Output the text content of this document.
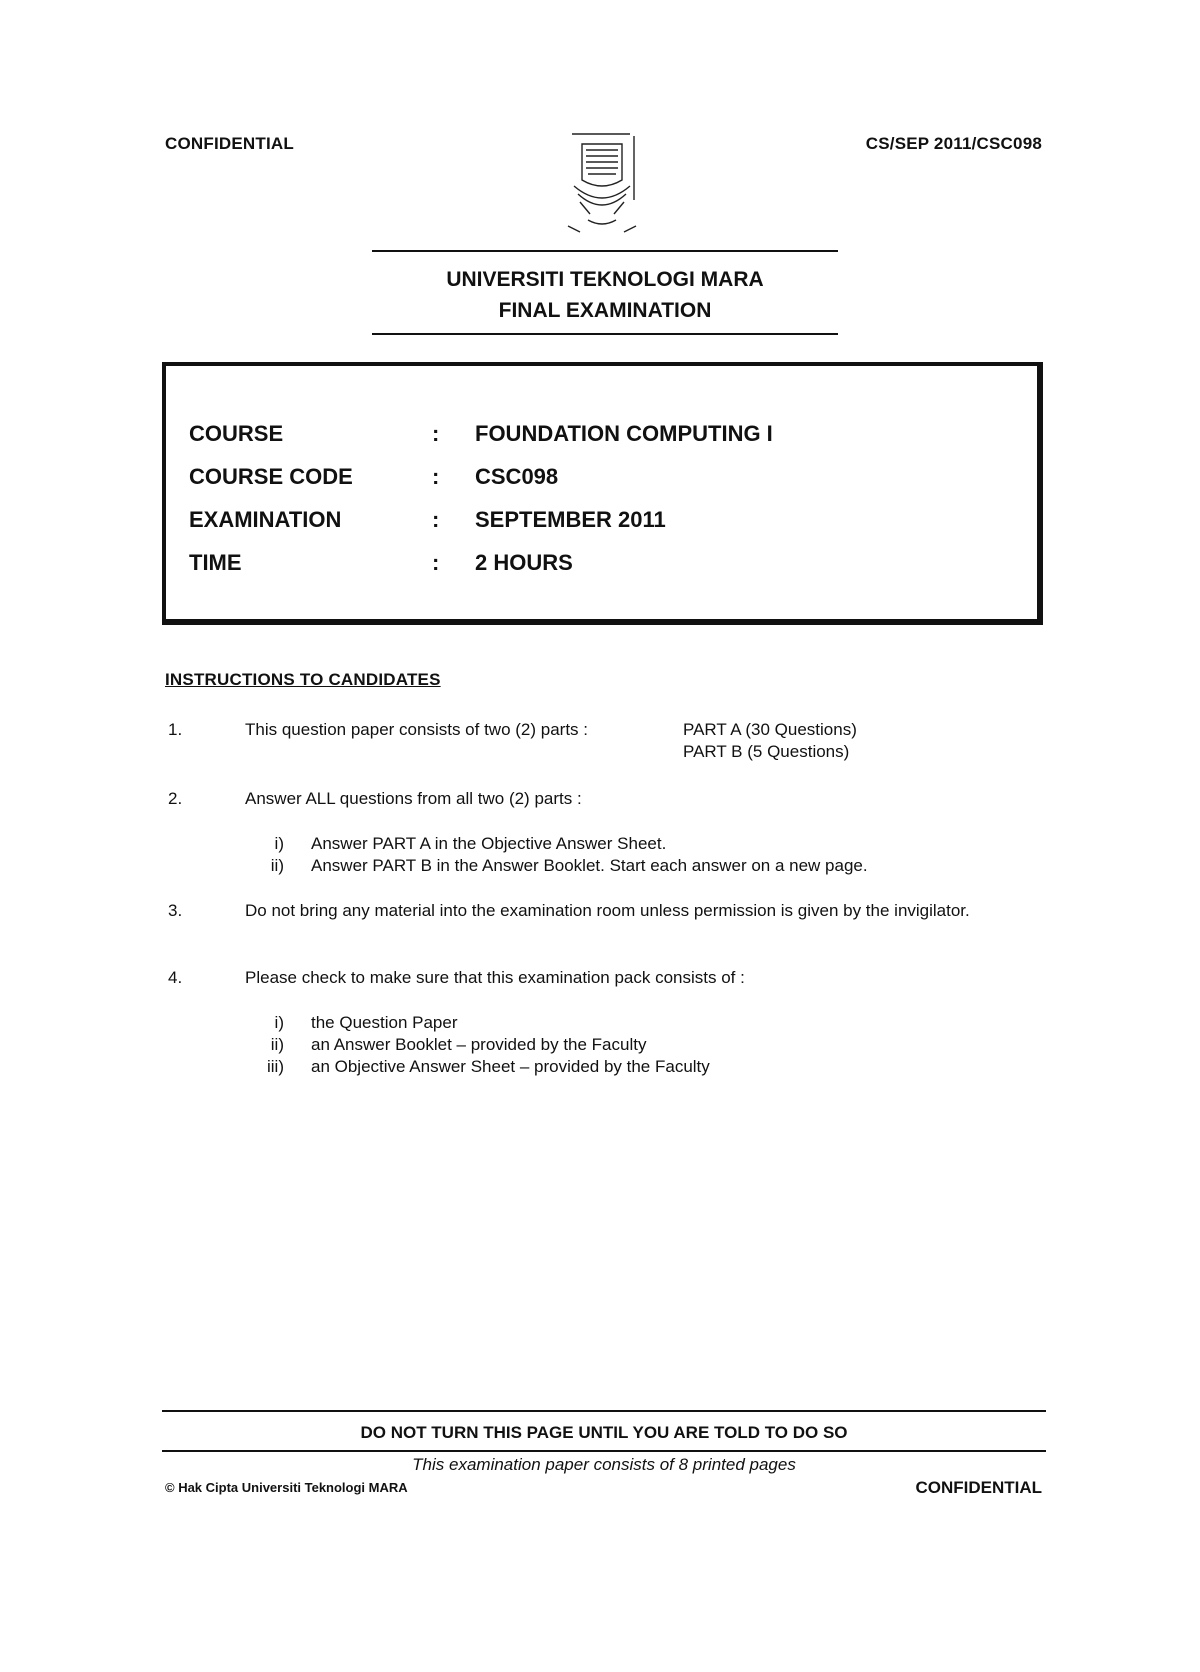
CONFIDENTIAL	CS/SEP 2011/CSC098
UNIVERSITI TEKNOLOGI MARA
FINAL EXAMINATION
COURSE	: FOUNDATION COMPUTING I
COURSE CODE	: CSC098
EXAMINATION	: SEPTEMBER 2011
TIME	: 2 HOURS
INSTRUCTIONS TO CANDIDATES
1.	This question paper consists of two (2) parts :	PART A (30 Questions)
PART B (5 Questions)
2.	Answer ALL questions from all two (2) parts :
i) Answer PART A in the Objective Answer Sheet.
ii) Answer PART B in the Answer Booklet. Start each answer on a new page.
3.	Do not bring any material into the examination room unless permission is given by the invigilator.
4.	Please check to make sure that this examination pack consists of :
i) the Question Paper
ii) an Answer Booklet – provided by the Faculty
iii) an Objective Answer Sheet – provided by the Faculty
DO NOT TURN THIS PAGE UNTIL YOU ARE TOLD TO DO SO
This examination paper consists of 8 printed pages
© Hak Cipta Universiti Teknologi MARA	CONFIDENTIAL
